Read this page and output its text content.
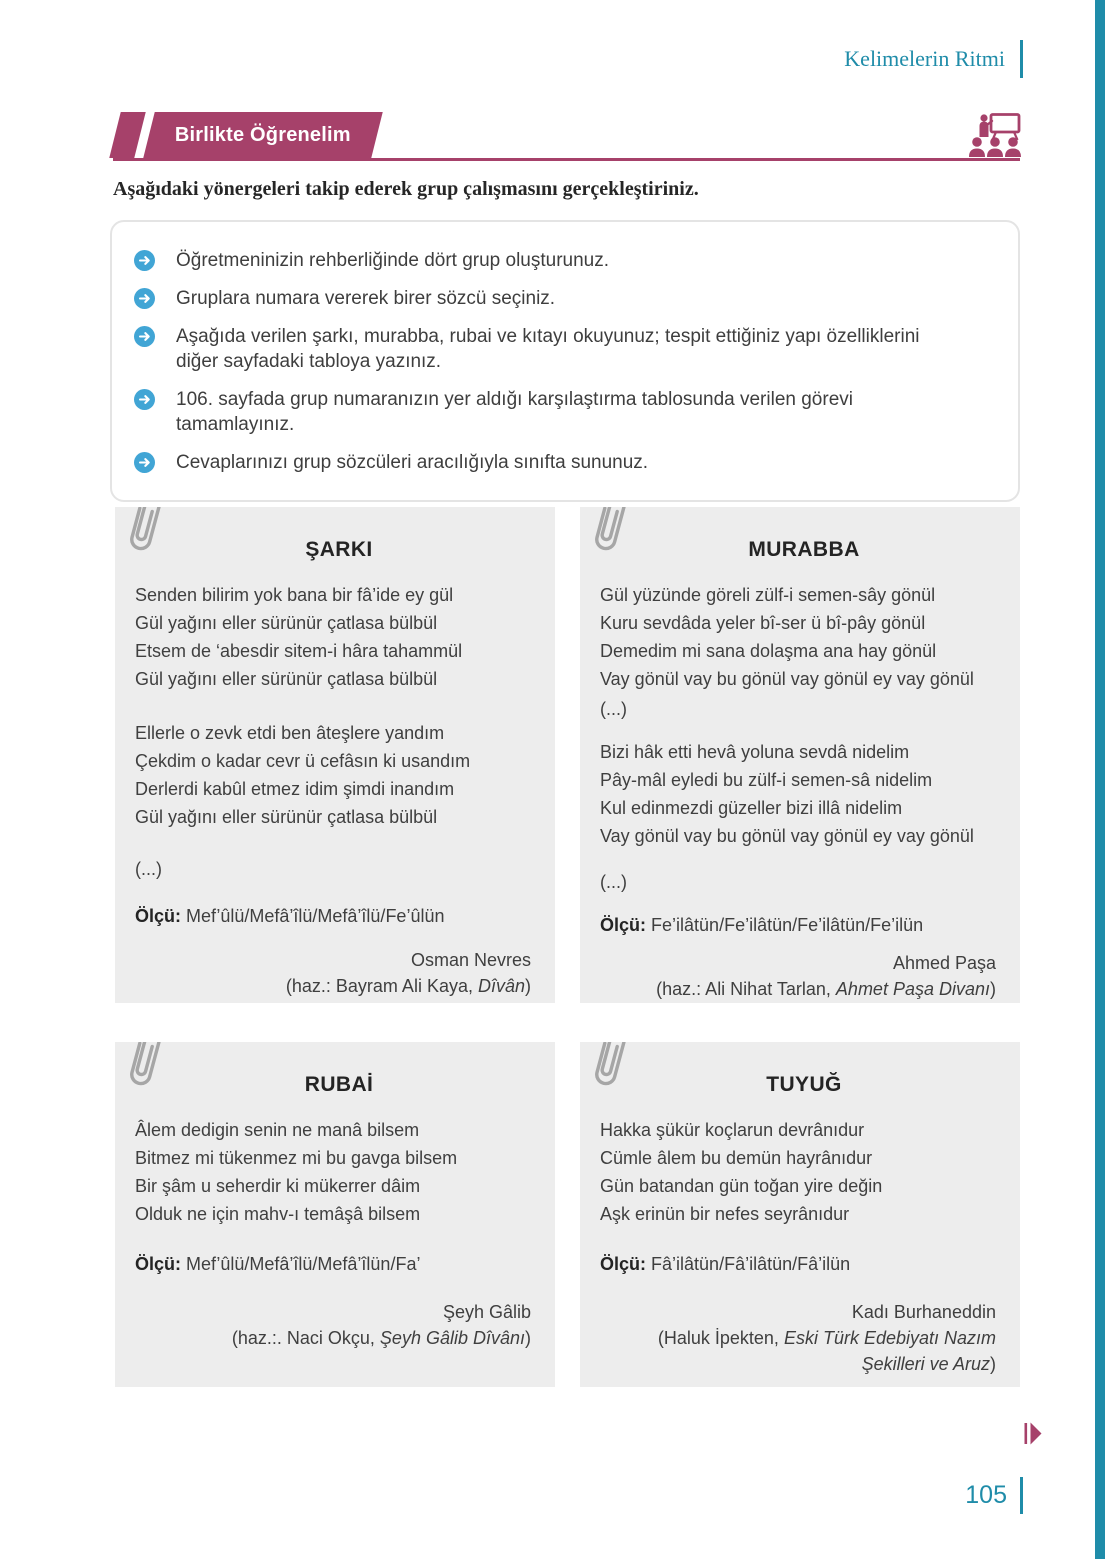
Kelimelerin Ritmi
Birlikte Öğrenelim
Aşağıdaki yönergeleri takip ederek grup çalışmasını gerçekleştiriniz.
Öğretmeninizin rehberliğinde dört grup oluşturunuz.
Gruplara numara vererek birer sözcü seçiniz.
Aşağıda verilen şarkı, murabba, rubai ve kıtayı okuyunuz; tespit ettiğiniz yapı özelliklerini diğer sayfadaki tabloya yazınız.
106. sayfada grup numaranızın yer aldığı karşılaştırma tablosunda verilen görevi tamamlayınız.
Cevaplarınızı grup sözcüleri aracılığıyla sınıfta sununuz.
ŞARKI
Senden bilirim yok bana bir fâ’ide ey gül
Gül yağını eller sürünür çatlasa bülbül
Etsem de ‘abesdir sitem-i hâra tahammül
Gül yağını eller sürünür çatlasa bülbül
Ellerle o zevk etdi ben âteşlere yandım
Çekdim o kadar cevr ü cefâsın ki usandım
Derlerdi kabûl etmez idim şimdi inandım
Gül yağını eller sürünür çatlasa bülbül
(...)
Ölçü: Mef’ûlü/Mefâ’îlü/Mefâ’îlü/Fe’ûlün
Osman Nevres
(haz.: Bayram Ali Kaya, Dîvân)
MURABBA
Gül yüzünde göreli zülf-i semen-sây gönül
Kuru sevdâda yeler bî-ser ü bî-pây gönül
Demedim mi sana dolaşma ana hay gönül
Vay gönül vay bu gönül vay gönül ey vay gönül
(...)
Bizi hâk etti hevâ yoluna sevdâ nidelim
Pây-mâl eyledi bu zülf-i semen-sâ nidelim
Kul edinmezdi güzeller bizi illâ nidelim
Vay gönül vay bu gönül vay gönül ey vay gönül
(...)
Ölçü: Fe’ilâtün/Fe’ilâtün/Fe’ilâtün/Fe’ilün
Ahmed Paşa
(haz.: Ali Nihat Tarlan, Ahmet Paşa Divanı)
RUBAİ
Âlem dedigin senin ne manâ bilsem
Bitmez mi tükenmez mi bu gavga bilsem
Bir şâm u seherdir ki mükerrer dâim
Olduk ne için mahv-ı temâşâ bilsem
Ölçü: Mef’ûlü/Mefâ’îlü/Mefâ’îlün/Fa’
Şeyh Gâlib
(haz.:. Naci Okçu, Şeyh Gâlib Dîvânı)
TUYUĞ
Hakka şükür koçlarun devrânıdur
Cümle âlem bu demün hayrânıdur
Gün batandan gün toğan yire değin
Aşk erinün bir nefes seyrânıdur
Ölçü: Fâ’ilâtün/Fâ’ilâtün/Fâ’ilün
Kadı Burhaneddin
(Haluk İpekten, Eski Türk Edebiyatı Nazım Şekilleri ve Aruz)
105
